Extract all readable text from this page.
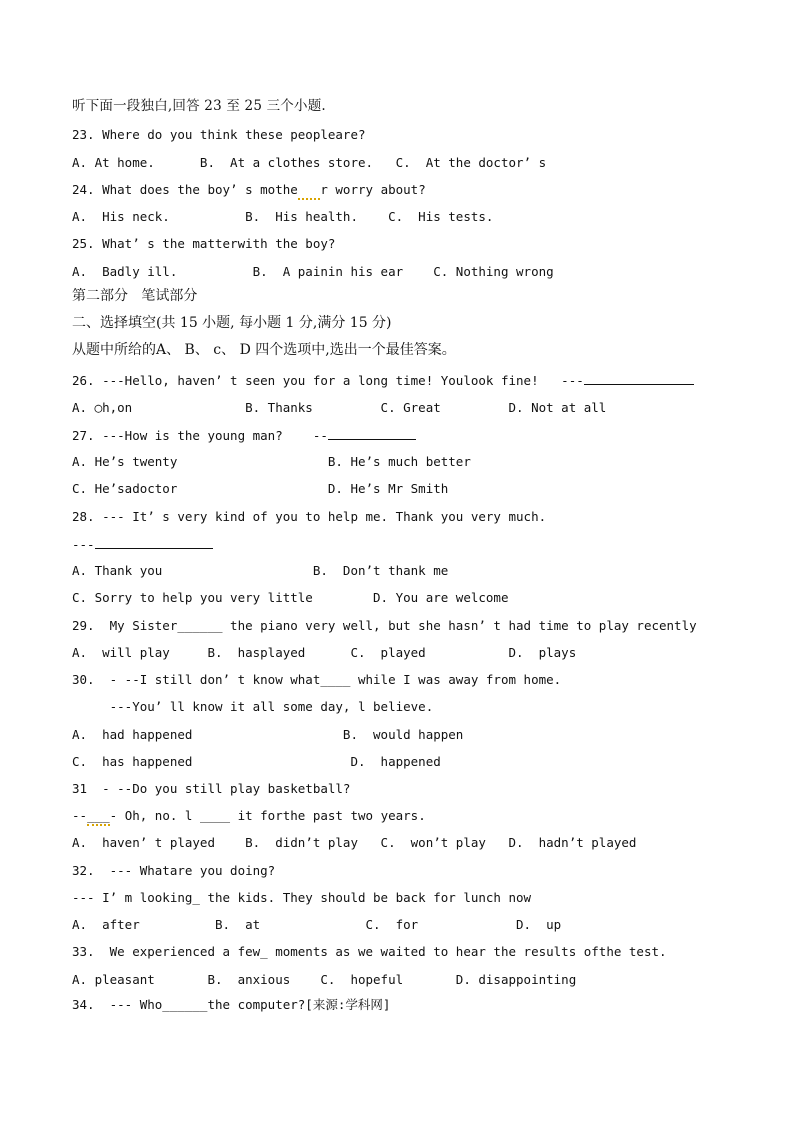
听下面一段独白,回答 23 至 25 三个小题.
23. Where do you think these peopleare?
A. At home.      B.  At a clothes store.   C.  At the doctor’ s
24. What does the boy’ s mothe r worry about?
A.  His neck.          B.  His health.    C.  His tests.
25. What’ s the matterwith the boy?
A.  Badly ill.          B.  A painin his ear    C. Nothing wrong
第二部分   笔试部分
二、选择填空(共 15 小题, 每小题 1 分,满分 15 分)
从题中所给的A、 B、 c、 D 四个选项中,选出一个最佳答案。
26. ---Hello, haven’ t seen you for a long time! Youlook fine!   ---
A. ◯h,on               B. Thanks         C. Great         D. Not at all
27. ---How is the young man?    --
A. He’s twenty                    B. He’s much better
C. He’sadoctor                    D. He’s Mr Smith
28. --- It’ s very kind of you to help me. Thank you very much.
---
A. Thank you                    B.  Don’t thank me
C. Sorry to help you very little        D. You are welcome
29.  My Sister______ the piano very well, but she hasn’ t had time to play recently
A.  will play     B.  hasplayed      C.  played           D.  plays
30.  - --I still don’ t know what____ while I was away from home.
---You’ ll know it all some day, l believe.
A.  had happened                    B.  would happen
C.  has happened                     D.  happened
31  - --Do you still play basketball?
--___- Oh, no. l ____ it forthe past two years.
A.  haven’ t played    B.  didn’t play   C.  won’t play   D.  hadn’t played
32.  --- Whatare you doing?
--- I’ m looking_ the kids. They should be back for lunch now
A.  after          B.  at              C.  for             D.  up
33.  We experienced a few_ moments as we waited to hear the results ofthe test.
A. pleasant       B.  anxious    C.  hopeful       D. disappointing
34.  --- Who______the computer?[来源:学科网]
